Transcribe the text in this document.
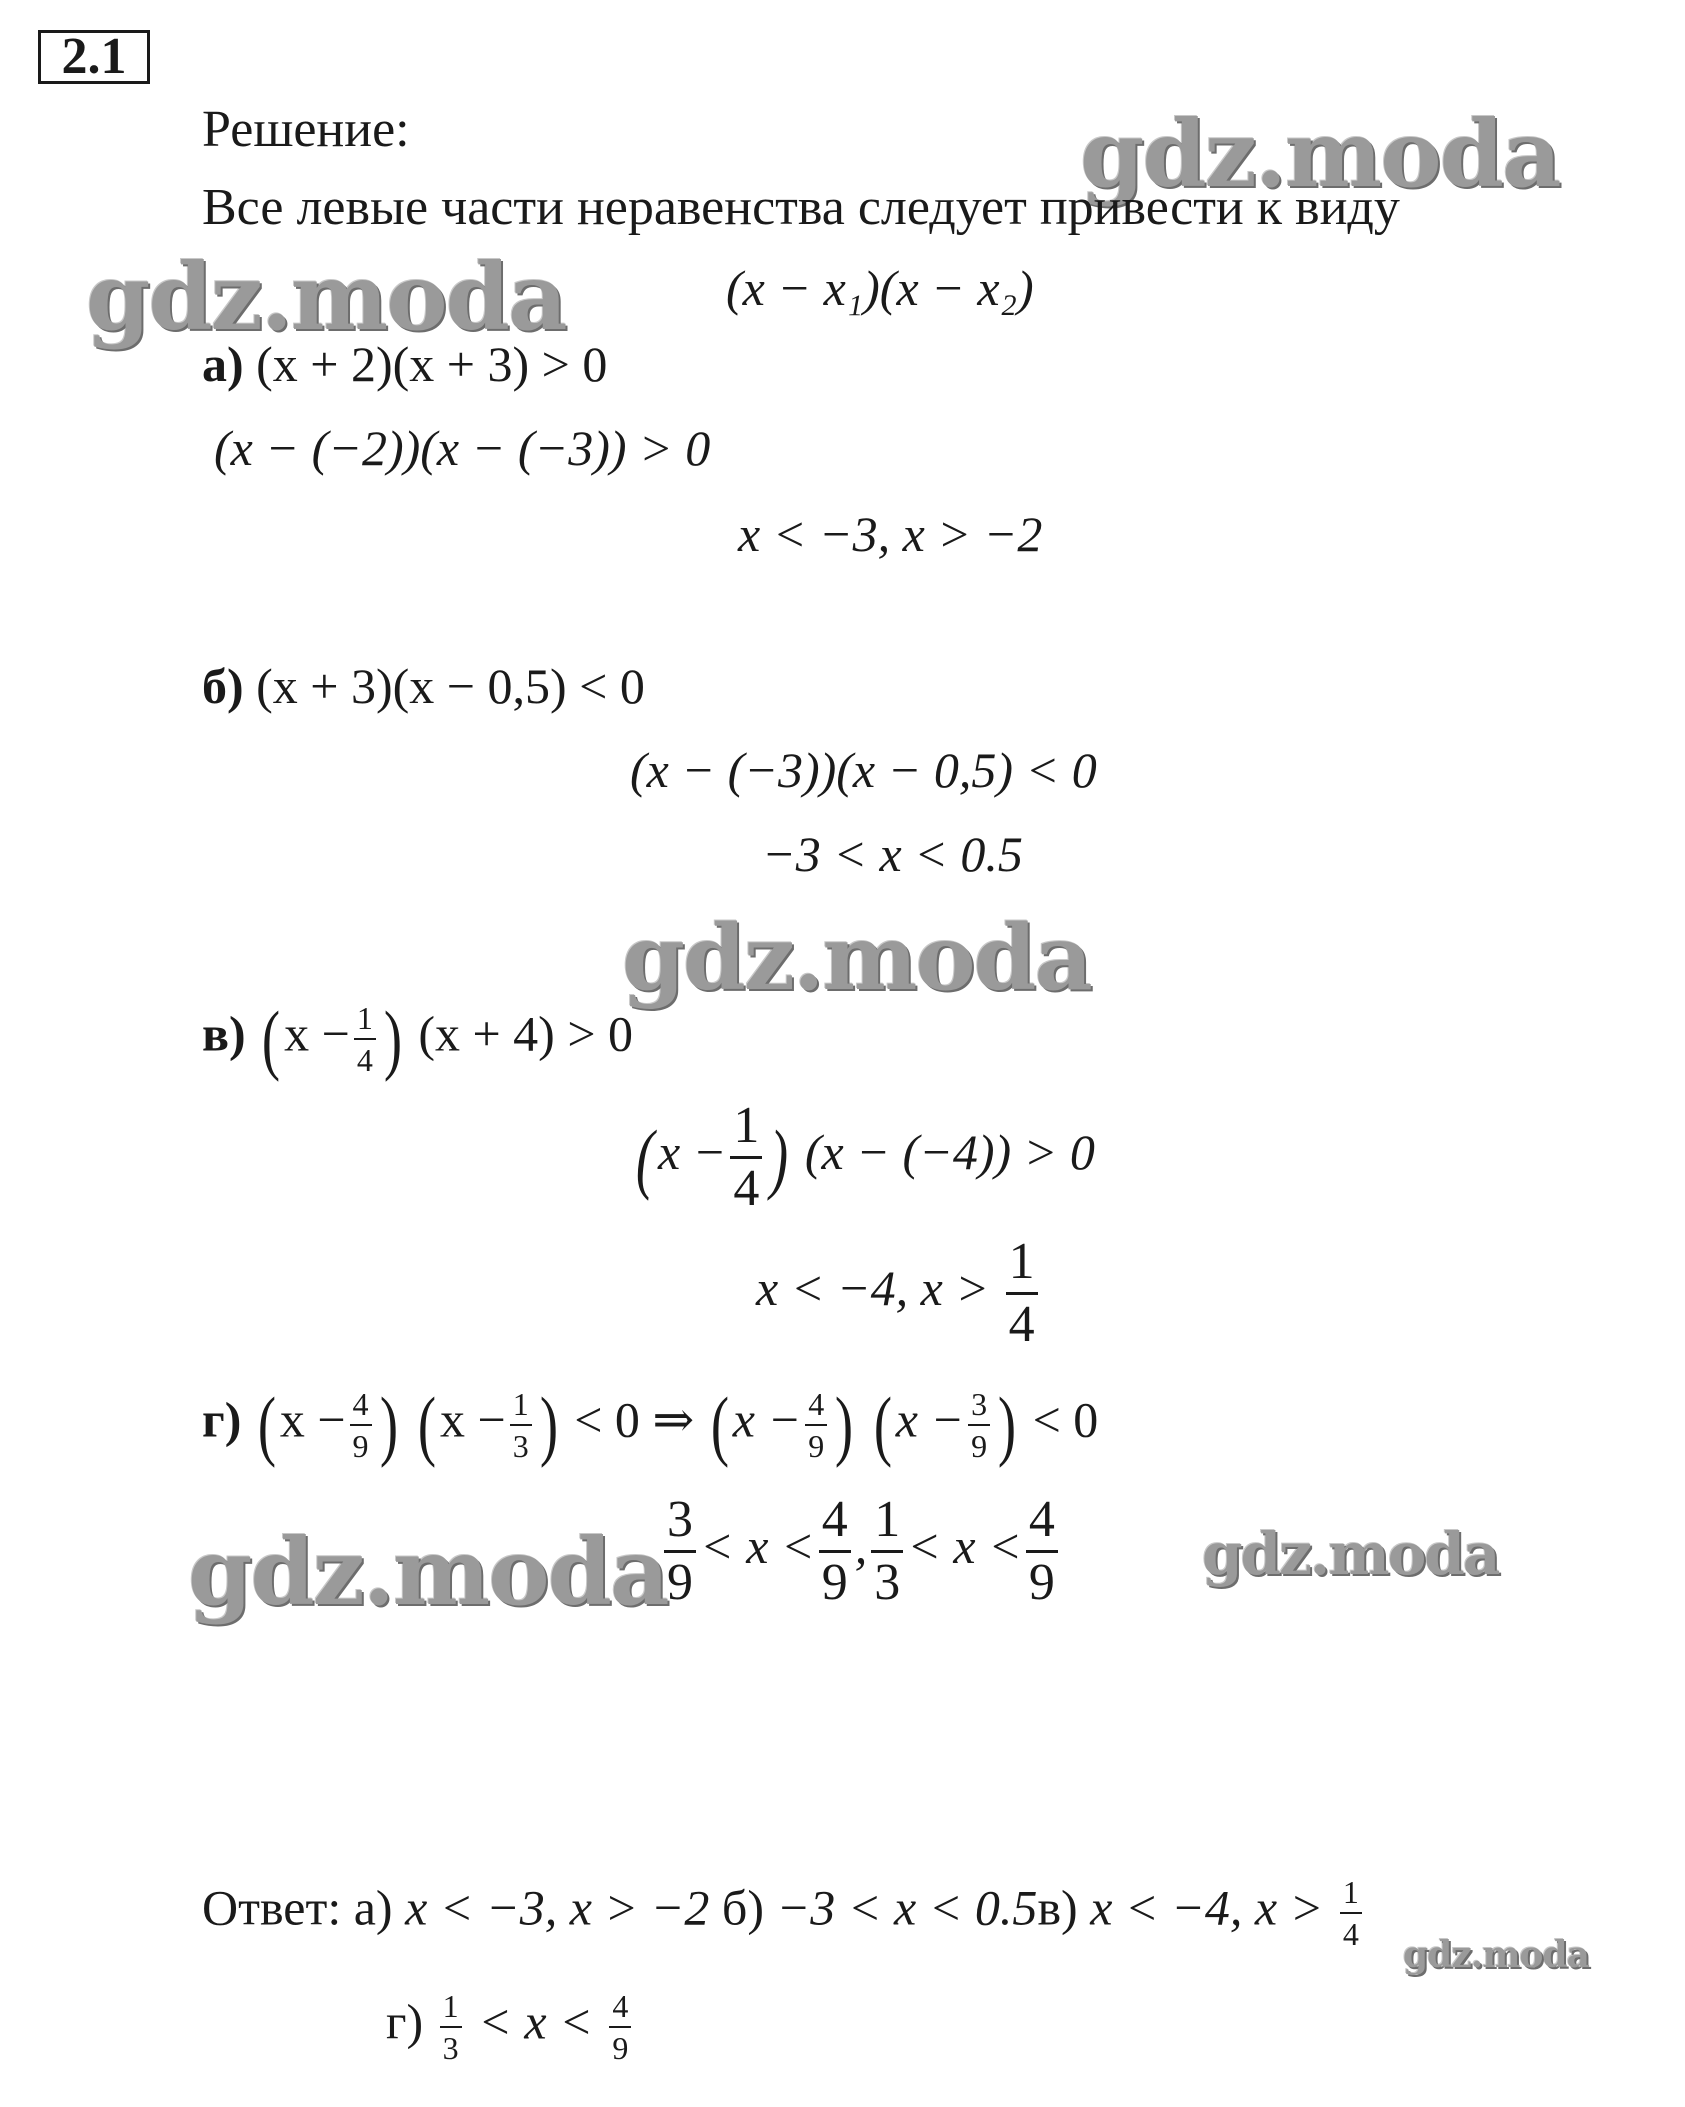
2.1
gdz.moda
gdz.moda
gdz.moda
gdz.moda	gdz.moda
gdz.moda
Решение:
Все левые части неравенства следует привести к виду
(x − x₁)(x − x₂)
а) (x + 2)(x + 3) > 0
(x − (−2))(x − (−3)) > 0
x < −3, x > −2
б) (x + 3)(x − 0,5) < 0
(x − (−3))(x − 0,5) < 0
−3 < x < 0.5
в) ($x - \frac{1}{4}$ ) (x + 4) > 0
($x - \frac{1}{4}$ ) (x − (−4)) > 0
x < −4, $x > \frac{1}{4}$
г) ($x - \frac{4}{9}$ ) ($x - \frac{1}{3}$ ) < 0 ⇒ ($x - \frac{4}{9}$ ) ($x - \frac{3}{9}$ ) < 0
$\frac{3}{9} < x < \frac{4}{9}$ , $\frac{1}{3} < x < \frac{4}{9}$
Ответ: а) x < −3, x > −2 б) −3 < x < 0.5в) x < −4, $x > \frac{1}{4}$
$г) \frac{1}{3} < x < \frac{4}{9}$
